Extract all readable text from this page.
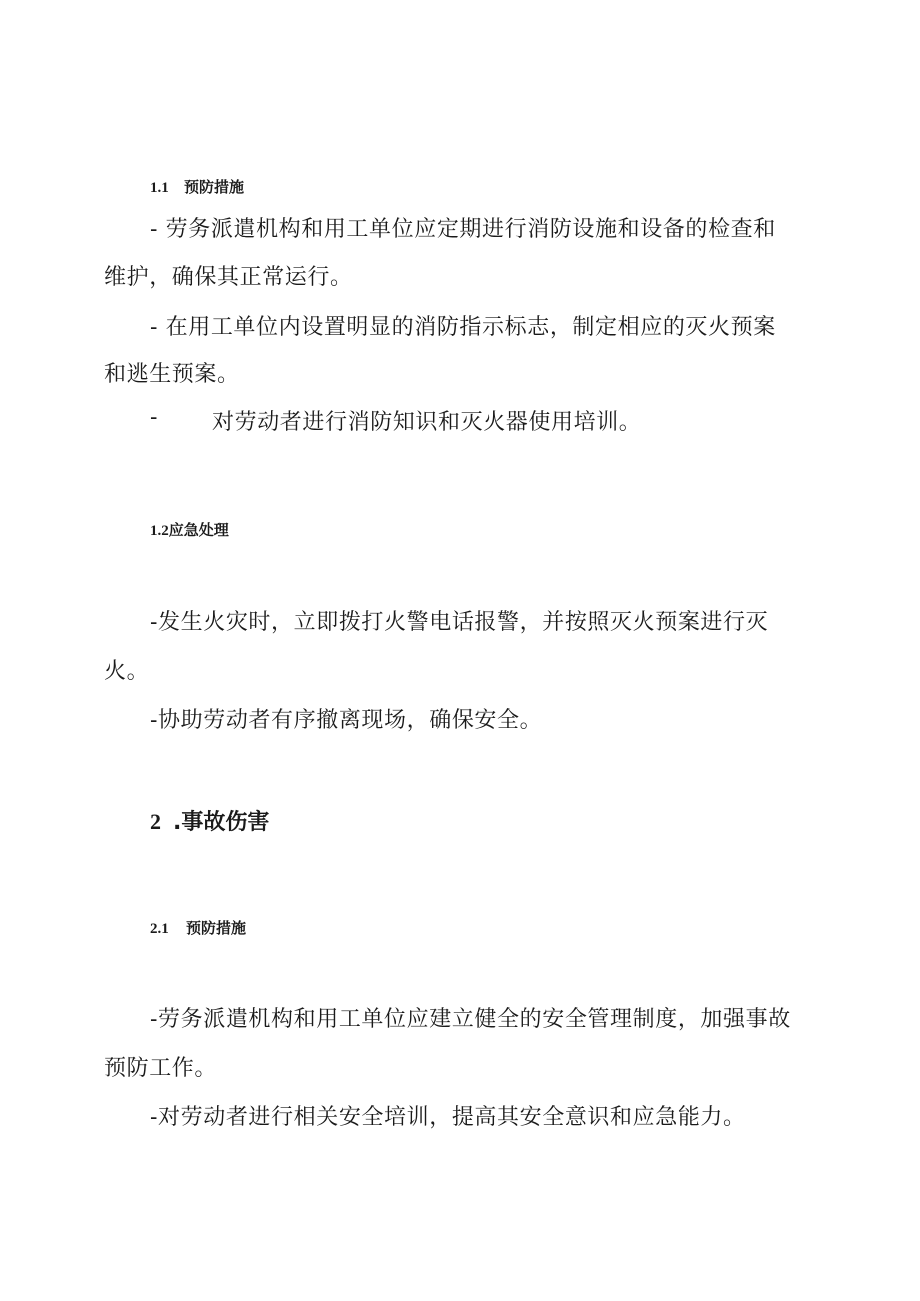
1.1 预防措施
- 劳务派遣机构和用工单位应定期进行消防设施和设备的检查和
维护，确保其正常运行。
- 在用工单位内设置明显的消防指示标志，制定相应的灭火预案
和逃生预案。
- 对劳动者进行消防知识和灭火器使用培训。
1.2应急处理
-发生火灾时，立即拨打火警电话报警，并按照灭火预案进行灭
火。
-协助劳动者有序撤离现场，确保安全。
2 .事故伤害
2.1 预防措施
-劳务派遣机构和用工单位应建立健全的安全管理制度，加强事故
预防工作。
-对劳动者进行相关安全培训，提高其安全意识和应急能力。
